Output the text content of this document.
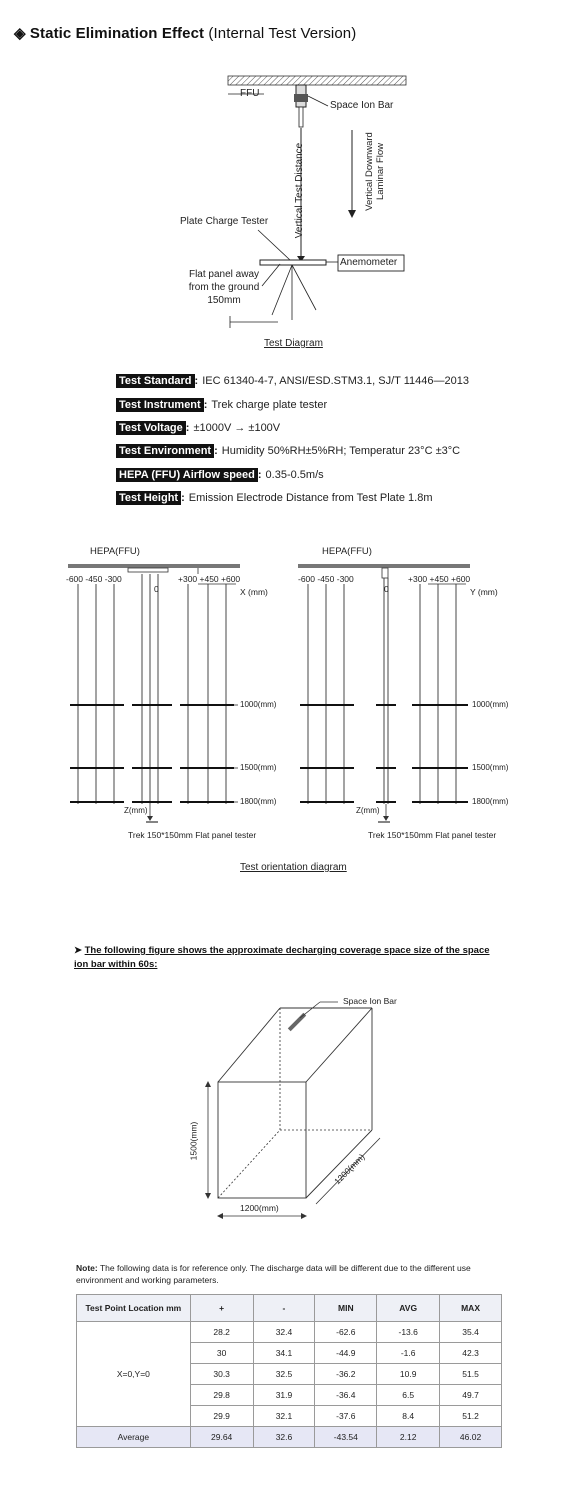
◈ Static Elimination Effect (Internal Test Version)
FFU
Space Ion Bar
Vertical Test Distance	Vertical Downward Laminar Flow
Plate Charge Tester
Anemometer
Flat panel away
from the ground
150mm
Test Diagram
Test Standard : IEC 61340-4-7, ANSI/ESD.STM3.1, SJ/T 11446—2013
Test Instrument : Trek charge plate tester
Test Voltage : ±1000V → ±100V
Test Environment : Humidity 50%RH±5%RH; Temperatur 23°C ±3°C
HEPA (FFU) Airflow speed : 0.35-0.5m/s
Test Height : Emission Electrode Distance from Test Plate 1.8m
HEPA(FFU)
-600 -450 -300
0
+300 +450 +600
X (mm)
1000(mm)
1500(mm)
1800(mm)
Z(mm)
Trek 150*150mm Flat panel tester
HEPA(FFU)
-600 -450 -300
0
+300 +450 +600
Y (mm)
1000(mm)
1500(mm)
1800(mm)
Z(mm)
Trek 150*150mm Flat panel tester
Test orientation diagram
➤ The following figure shows the approximate decharging coverage space size of the space ion bar within 60s:
Space Ion Bar
1500(mm)
1200(mm)
1200(mm)
Note: The following data is for reference only. The discharge data will be different due to the different use environment and working parameters.
Test Point Location mm	+	-	MIN	AVG	MAX
X=0,Y=0	28.2	32.4	-62.6	-13.6	35.4
	30	34.1	-44.9	-1.6	42.3
	30.3	32.5	-36.2	10.9	51.5
	29.8	31.9	-36.4	6.5	49.7
	29.9	32.1	-37.6	8.4	51.2
Average	29.64	32.6	-43.54	2.12	46.02
